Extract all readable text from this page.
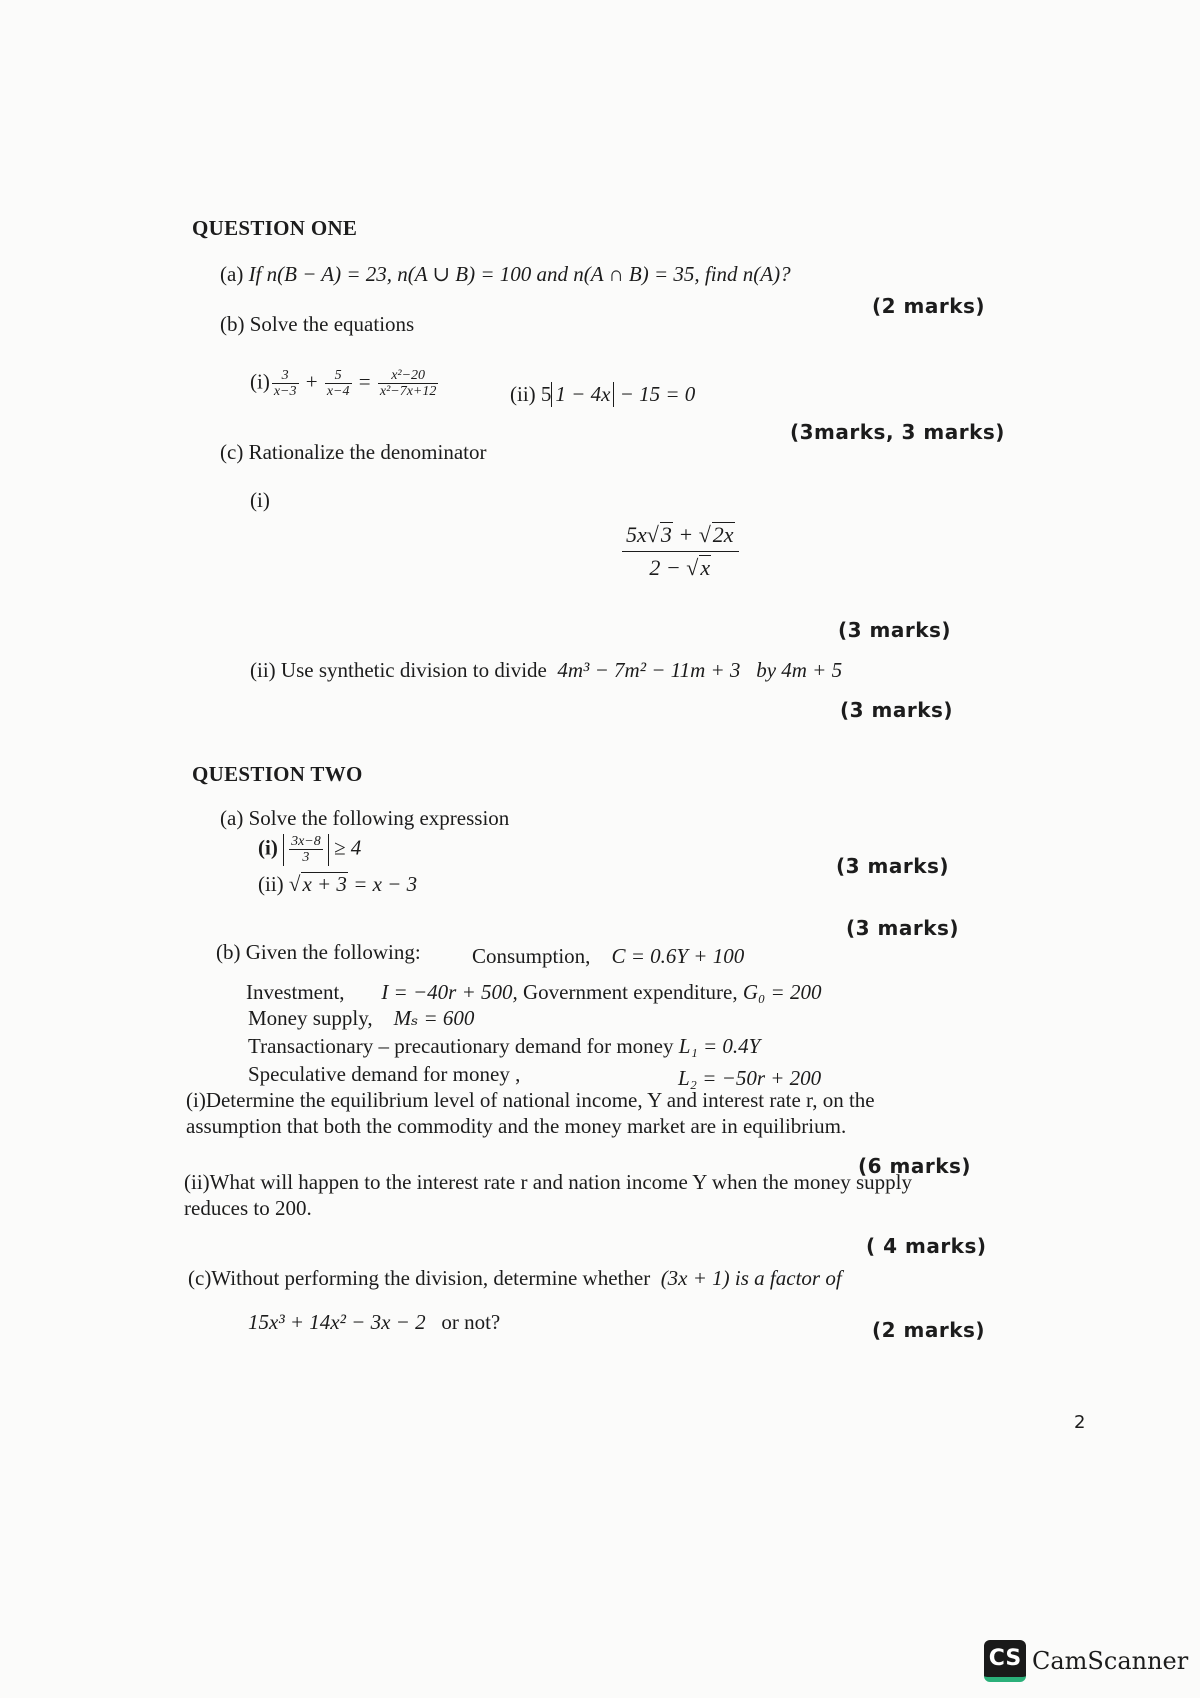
QUESTION ONE
(a) If n(B − A) = 23, n(A ∪ B) = 100 and n(A ∩ B) = 35, find n(A)?
(2 marks)
(b) Solve the equations
$(i) \frac{3}{x-3} + \frac{5}{x-4} = \frac{\text{x²−20}}{\text{x²−7x+12}}$	(ii) 5 1 − 4x − 15 = 0
(3marks, 3 marks)
(c) Rationalize the denominator
(i)
$\frac{5x√3 + √2x}{2 - √x}$
(3 marks)
(ii) Use synthetic division to divide 4m³ − 7m² − 11m + 3 by 4m + 5
(3 marks)
QUESTION TWO
(a) Solve the following expression
$(i) \frac{3x-8}{3} \ge 4$
(ii) √x + 3 = x − 3
(3 marks)
(3 marks)
(b) Given the following: Consumption, C = 0.6Y + 100
Investment, I = −40r + 500, Government expenditure, G₀ = 200
Money supply, Mₛ = 600
Transactionary – precautionary demand for money L₁ = 0.4Y
Speculative demand for money ,	L₂ = −50r + 200
(i)Determine the equilibrium level of national income, Y and interest rate r, on the
assumption that both the commodity and the money market are in equilibrium.
(6 marks)
(ii)What will happen to the interest rate r and nation income Y when the money supply
reduces to 200.
( 4 marks)
(c)Without performing the division, determine whether (3x + 1) is a factor of
15x³ + 14x² − 3x − 2 or not?	(2 marks)
2
CS CamScanner
